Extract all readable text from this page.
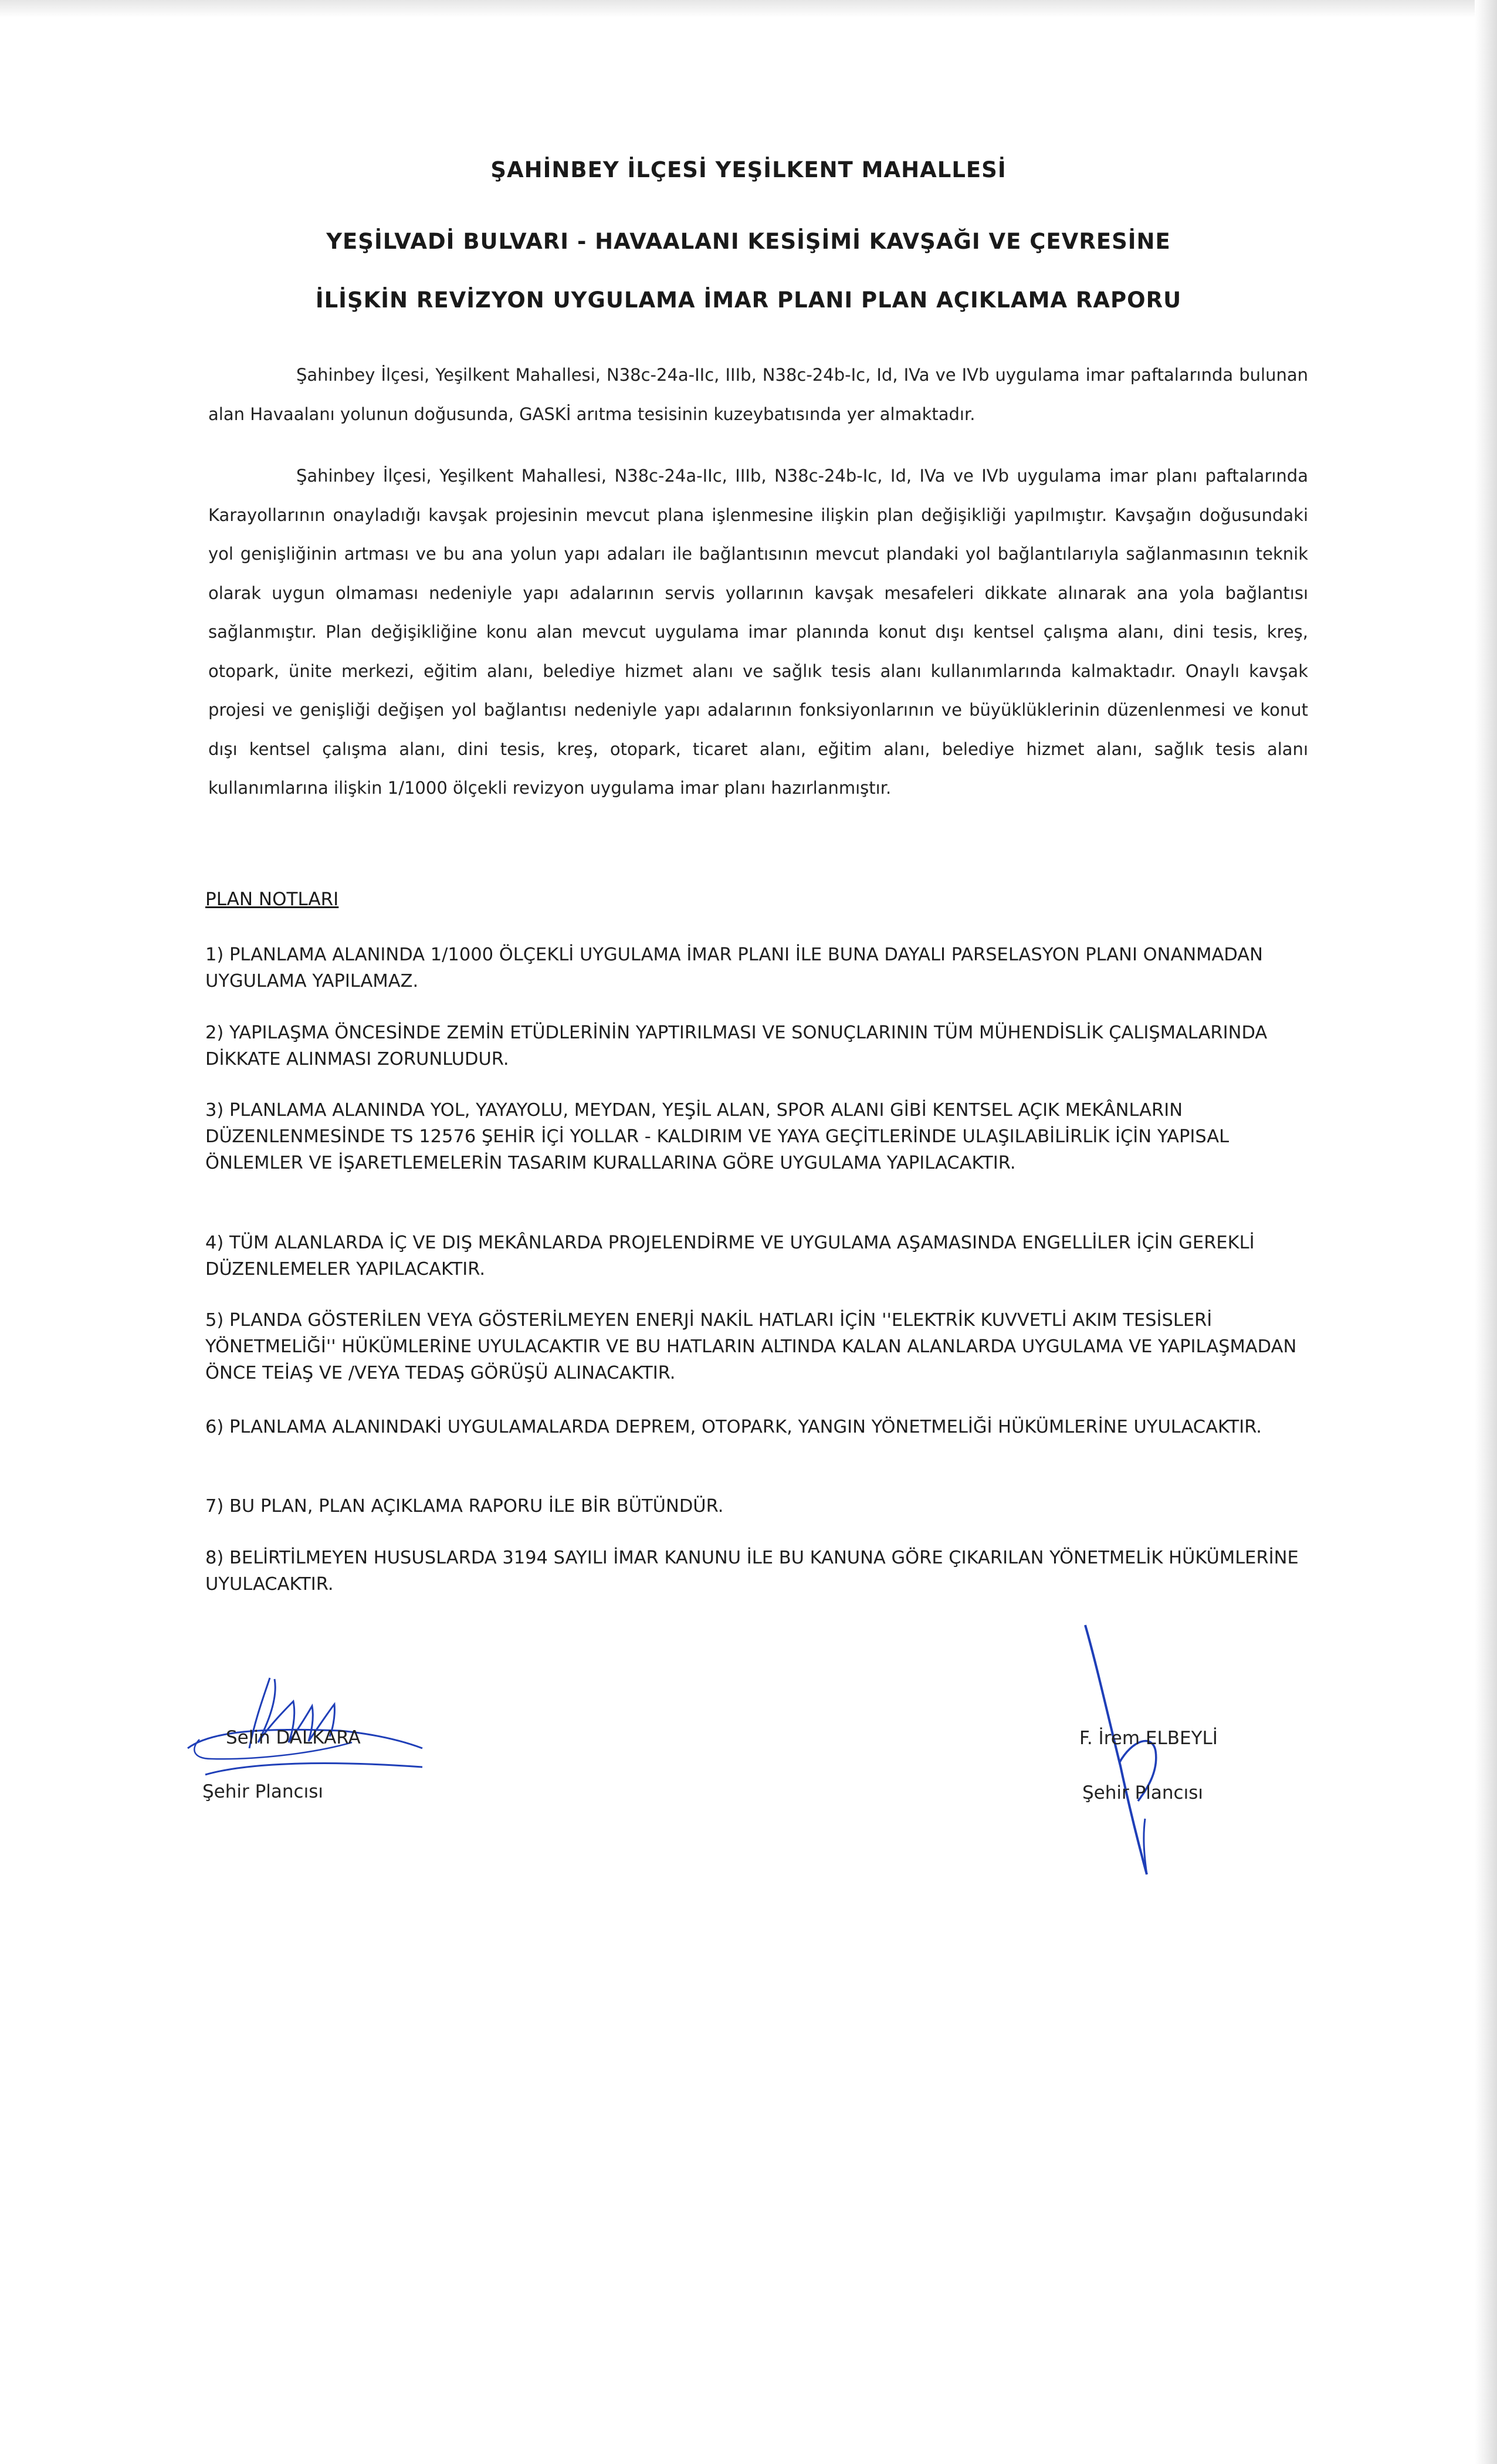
ŞAHİNBEY İLÇESİ YEŞİLKENT MAHALLESİ
YEŞİLVADİ BULVARI - HAVAALANI KESİŞİMİ KAVŞAĞI VE ÇEVRESİNE
İLİŞKİN REVİZYON UYGULAMA İMAR PLANI PLAN AÇIKLAMA RAPORU
Şahinbey İlçesi, Yeşilkent Mahallesi, N38c-24a-IIc, IIIb, N38c-24b-Ic, Id, IVa ve IVb uygulama imar paftalarında bulunan alan Havaalanı yolunun doğusunda, GASKİ arıtma tesisinin kuzeybatısında yer almaktadır.
Şahinbey İlçesi, Yeşilkent Mahallesi, N38c-24a-IIc, IIIb, N38c-24b-Ic, Id, IVa ve IVb uygulama imar planı paftalarında Karayollarının onayladığı kavşak projesinin mevcut plana işlenmesine ilişkin plan değişikliği yapılmıştır. Kavşağın doğusundaki yol genişliğinin artması ve bu ana yolun yapı adaları ile bağlantısının mevcut plandaki yol bağlantılarıyla sağlanmasının teknik olarak uygun olmaması nedeniyle yapı adalarının servis yollarının kavşak mesafeleri dikkate alınarak ana yola bağlantısı sağlanmıştır. Plan değişikliğine konu alan mevcut uygulama imar planında konut dışı kentsel çalışma alanı, dini tesis, kreş, otopark, ünite merkezi, eğitim alanı, belediye hizmet alanı ve sağlık tesis alanı kullanımlarında kalmaktadır. Onaylı kavşak projesi ve genişliği değişen yol bağlantısı nedeniyle yapı adalarının fonksiyonlarının ve büyüklüklerinin düzenlenmesi ve konut dışı kentsel çalışma alanı, dini tesis, kreş, otopark, ticaret alanı, eğitim alanı, belediye hizmet alanı, sağlık tesis alanı kullanımlarına ilişkin 1/1000 ölçekli revizyon uygulama imar planı hazırlanmıştır.
PLAN NOTLARI
1) PLANLAMA ALANINDA 1/1000 ÖLÇEKLİ UYGULAMA İMAR PLANI İLE BUNA DAYALI PARSELASYON PLANI ONANMADAN UYGULAMA YAPILAMAZ.
2) YAPILAŞMA ÖNCESİNDE ZEMİN ETÜDLERİNİN YAPTIRILMASI VE SONUÇLARININ TÜM MÜHENDİSLİK ÇALIŞMALARINDA DİKKATE ALINMASI ZORUNLUDUR.
3) PLANLAMA ALANINDA YOL, YAYAYOLU, MEYDAN, YEŞİL ALAN, SPOR ALANI GİBİ KENTSEL AÇIK MEKÂNLARIN DÜZENLENMESİNDE TS 12576 ŞEHİR İÇİ YOLLAR - KALDIRIM VE YAYA GEÇİTLERİNDE ULAŞILABİLİRLİK İÇİN YAPISAL ÖNLEMLER VE İŞARETLEMELERİN TASARIM KURALLARINA GÖRE UYGULAMA YAPILACAKTIR.
4) TÜM ALANLARDA İÇ VE DIŞ MEKÂNLARDA PROJELENDİRME VE UYGULAMA AŞAMASINDA ENGELLİLER İÇİN GEREKLİ DÜZENLEMELER YAPILACAKTIR.
5) PLANDA GÖSTERİLEN VEYA GÖSTERİLMEYEN ENERJİ NAKİL HATLARI İÇİN ''ELEKTRİK KUVVETLİ AKIM TESİSLERİ YÖNETMELİĞİ'' HÜKÜMLERİNE UYULACAKTIR VE BU HATLARIN ALTINDA KALAN ALANLARDA UYGULAMA VE YAPILAŞMADAN ÖNCE TEİAŞ VE /VEYA TEDAŞ GÖRÜŞÜ ALINACAKTIR.
6) PLANLAMA ALANINDAKİ UYGULAMALARDA DEPREM, OTOPARK, YANGIN YÖNETMELİĞİ HÜKÜMLERİNE UYULACAKTIR.
7) BU PLAN, PLAN AÇIKLAMA RAPORU İLE BİR BÜTÜNDÜR.
8) BELİRTİLMEYEN HUSUSLARDA 3194 SAYILI İMAR KANUNU İLE BU KANUNA GÖRE ÇIKARILAN YÖNETMELİK HÜKÜMLERİNE UYULACAKTIR.
Selin DALKARA
Şehir Plancısı
F. İrem ELBEYLİ
Şehir Plancısı
